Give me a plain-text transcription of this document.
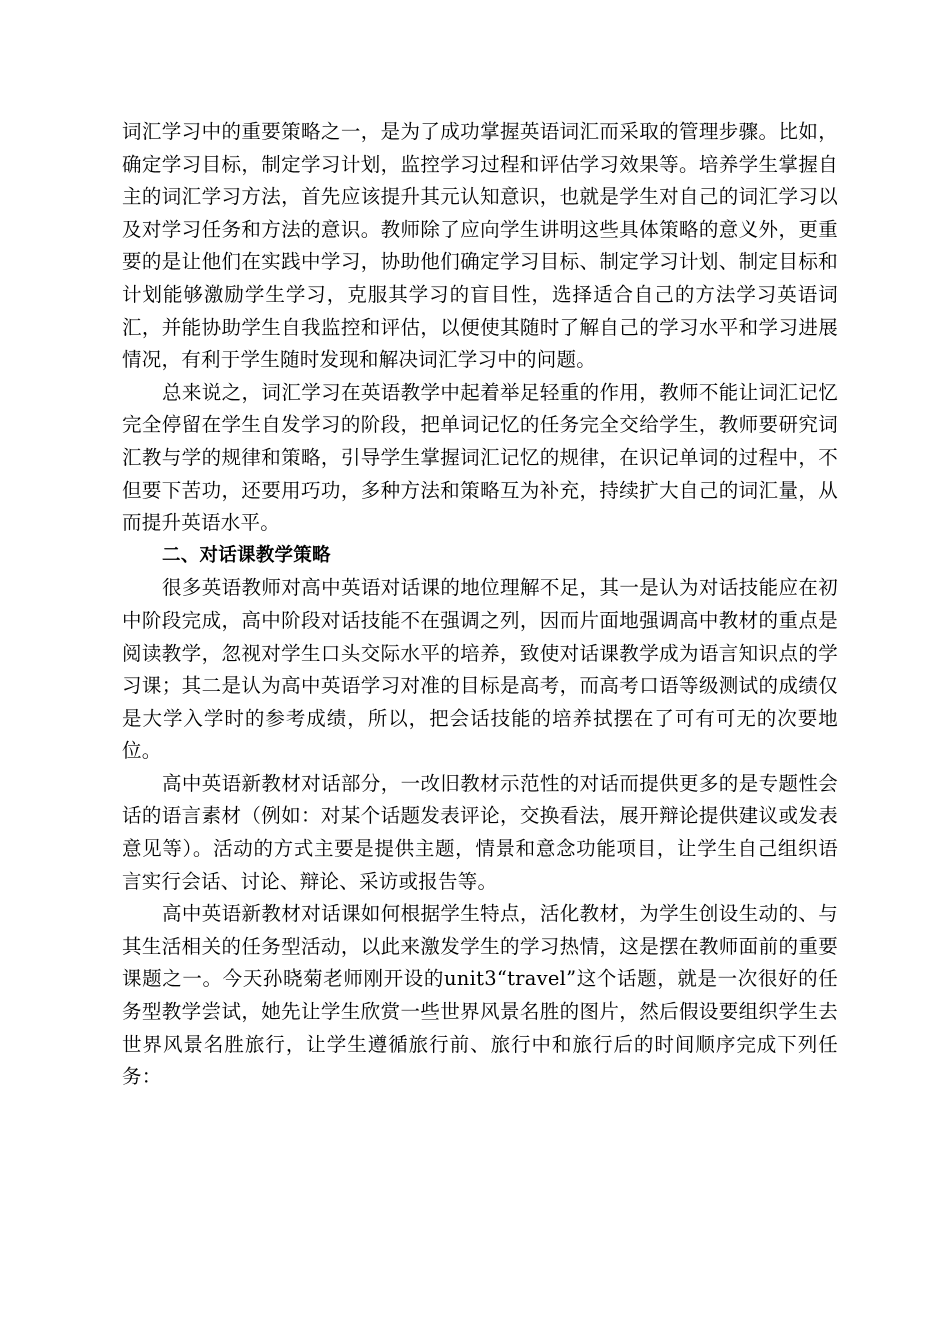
词汇学习中的重要策略之一，是为了成功掌握英语词汇而采取的管理步骤。比如，确定学习目标，制定学习计划，监控学习过程和评估学习效果等。培养学生掌握自主的词汇学习方法，首先应该提升其元认知意识，也就是学生对自己的词汇学习以及对学习任务和方法的意识。教师除了应向学生讲明这些具体策略的意义外，更重要的是让他们在实践中学习，协助他们确定学习目标、制定学习计划、制定目标和计划能够激励学生学习，克服其学习的盲目性，选择适合自己的方法学习英语词汇，并能协助学生自我监控和评估，以便使其随时了解自己的学习水平和学习进展情况，有利于学生随时发现和解决词汇学习中的问题。

总来说之，词汇学习在英语教学中起着举足轻重的作用，教师不能让词汇记忆完全停留在学生自发学习的阶段，把单词记忆的任务完全交给学生，教师要研究词汇教与学的规律和策略，引导学生掌握词汇记忆的规律，在识记单词的过程中，不但要下苦功，还要用巧功，多种方法和策略互为补充，持续扩大自己的词汇量，从而提升英语水平。

二、对话课教学策略

很多英语教师对高中英语对话课的地位理解不足，其一是认为对话技能应在初中阶段完成，高中阶段对话技能不在强调之列，因而片面地强调高中教材的重点是阅读教学，忽视对学生口头交际水平的培养，致使对话课教学成为语言知识点的学习课；其二是认为高中英语学习对准的目标是高考，而高考口语等级测试的成绩仅是大学入学时的参考成绩，所以，把会话技能的培养拭摆在了可有可无的次要地位。

高中英语新教材对话部分，一改旧教材示范性的对话而提供更多的是专题性会话的语言素材（例如：对某个话题发表评论，交换看法，展开辩论提供建议或发表意见等）。活动的方式主要是提供主题，情景和意念功能项目，让学生自己组织语言实行会话、讨论、辩论、采访或报告等。

高中英语新教材对话课如何根据学生特点，活化教材，为学生创设生动的、与其生活相关的任务型活动，以此来激发学生的学习热情，这是摆在教师面前的重要课题之一。今天孙晓菊老师刚开设的unit3“travel”这个话题，就是一次很好的任务型教学尝试，她先让学生欣赏一些世界风景名胜的图片，然后假设要组织学生去世界风景名胜旅行，让学生遵循旅行前、旅行中和旅行后的时间顺序完成下列任务：
